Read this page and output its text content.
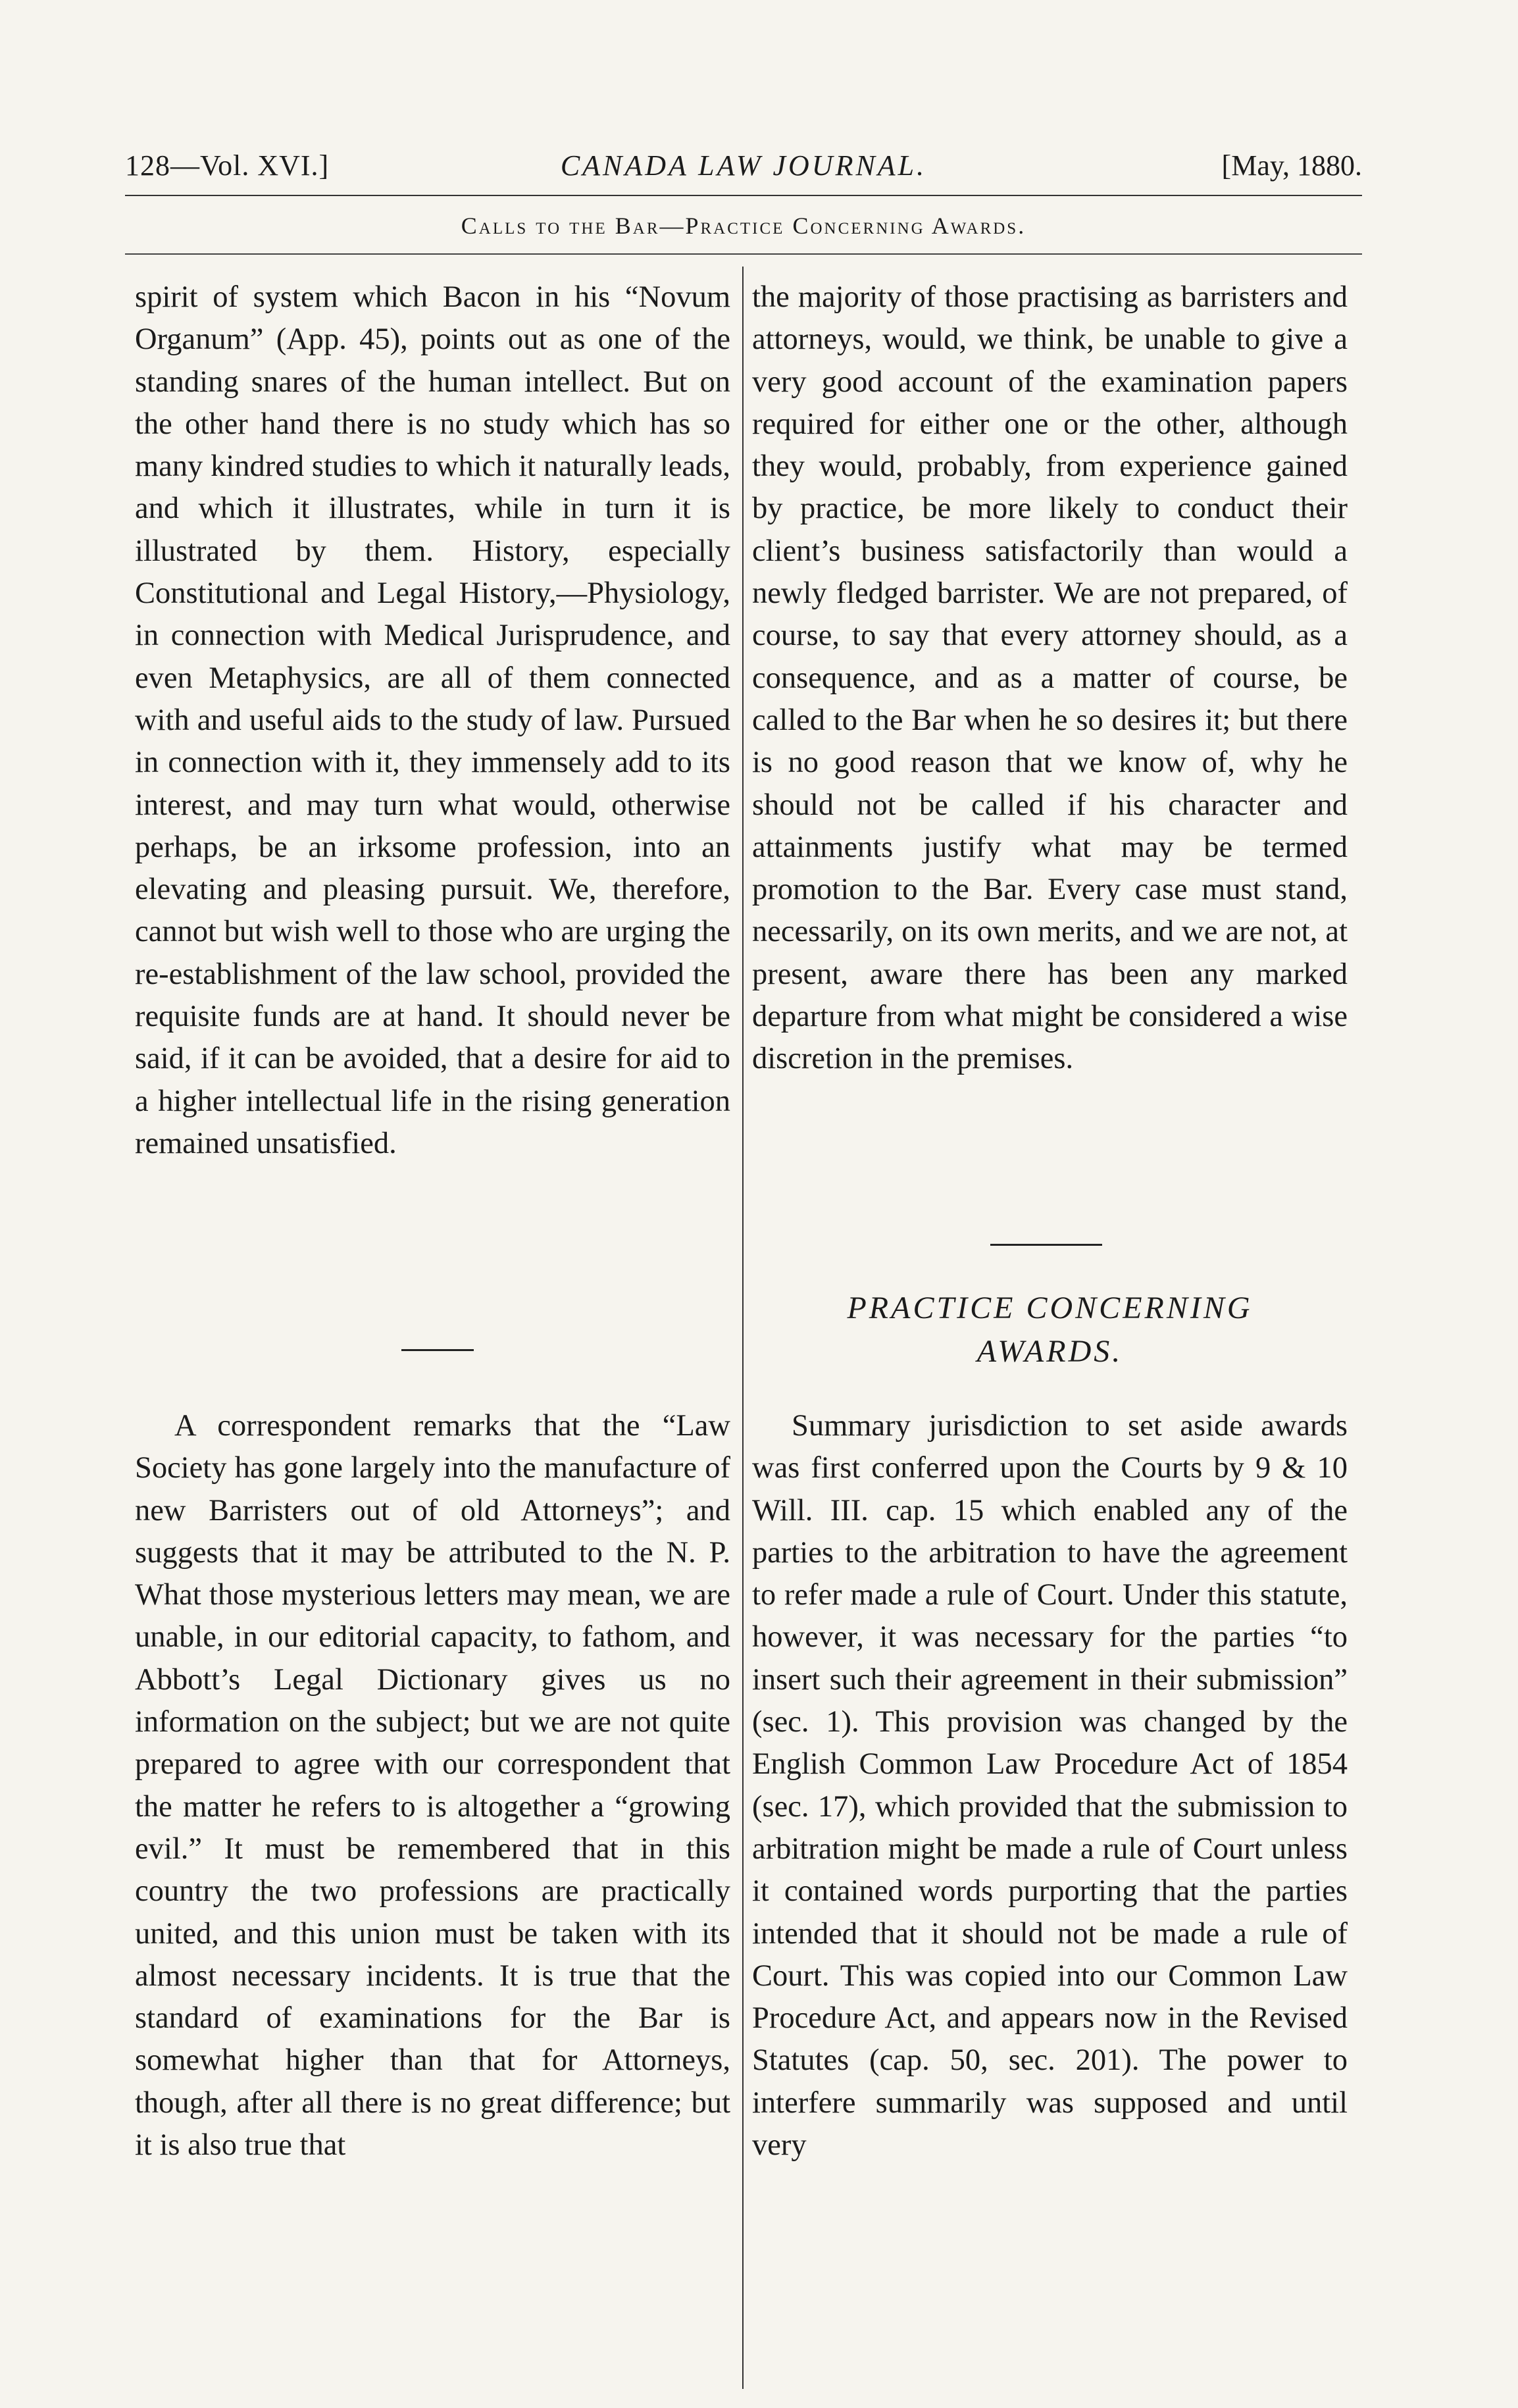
CANADA LAW JOURNAL.
128—Vol. XVI.]	[May, 1880.
Calls to the Bar—Practice Concerning Awards.

spirit of system which Bacon in his “Novum Organum” (App. 45), points out as one of the standing snares of the human intellect. But on the other hand there is no study which has so many kindred studies to which it naturally leads, and which it illustrates, while in turn it is illustrated by them. History, especially Constitutional and Legal History,—Physiology, in connection with Medical Jurisprudence, and even Metaphysics, are all of them connected with and useful aids to the study of law. Pursued in connection with it, they immensely add to its interest, and may turn what would, otherwise perhaps, be an irksome profession, into an elevating and pleasing pursuit. We, therefore, cannot but wish well to those who are urging the re-establishment of the law school, provided the requisite funds are at hand. It should never be said, if it can be avoided, that a desire for aid to a higher intellectual life in the rising generation remained unsatisfied.

A correspondent remarks that the “Law Society has gone largely into the manufacture of new Barristers out of old Attorneys”; and suggests that it may be attributed to the N. P. What those mysterious letters may mean, we are unable, in our editorial capacity, to fathom, and Abbott’s Legal Dictionary gives us no information on the subject; but we are not quite prepared to agree with our correspondent that the matter he refers to is altogether a “growing evil.” It must be remembered that in this country the two professions are practically united, and this union must be taken with its almost necessary incidents. It is true that the standard of examinations for the Bar is somewhat higher than that for Attorneys, though, after all there is no great difference; but it is also true that

the majority of those practising as barristers and attorneys, would, we think, be unable to give a very good account of the examination papers required for either one or the other, although they would, probably, from experience gained by practice, be more likely to conduct their client’s business satisfactorily than would a newly fledged barrister. We are not prepared, of course, to say that every attorney should, as a consequence, and as a matter of course, be called to the Bar when he so desires it; but there is no good reason that we know of, why he should not be called if his character and attainments justify what may be termed promotion to the Bar. Every case must stand, necessarily, on its own merits, and we are not, at present, aware there has been any marked departure from what might be considered a wise discretion in the premises.

PRACTICE CONCERNING
AWARDS.

Summary jurisdiction to set aside awards was first conferred upon the Courts by 9 & 10 Will. III. cap. 15 which enabled any of the parties to the arbitration to have the agreement to refer made a rule of Court. Under this statute, however, it was necessary for the parties “to insert such their agreement in their submission” (sec. 1). This provision was changed by the English Common Law Procedure Act of 1854 (sec. 17), which provided that the submission to arbitration might be made a rule of Court unless it contained words purporting that the parties intended that it should not be made a rule of Court. This was copied into our Common Law Procedure Act, and appears now in the Revised Statutes (cap. 50, sec. 201). The power to interfere summarily was supposed and until very
